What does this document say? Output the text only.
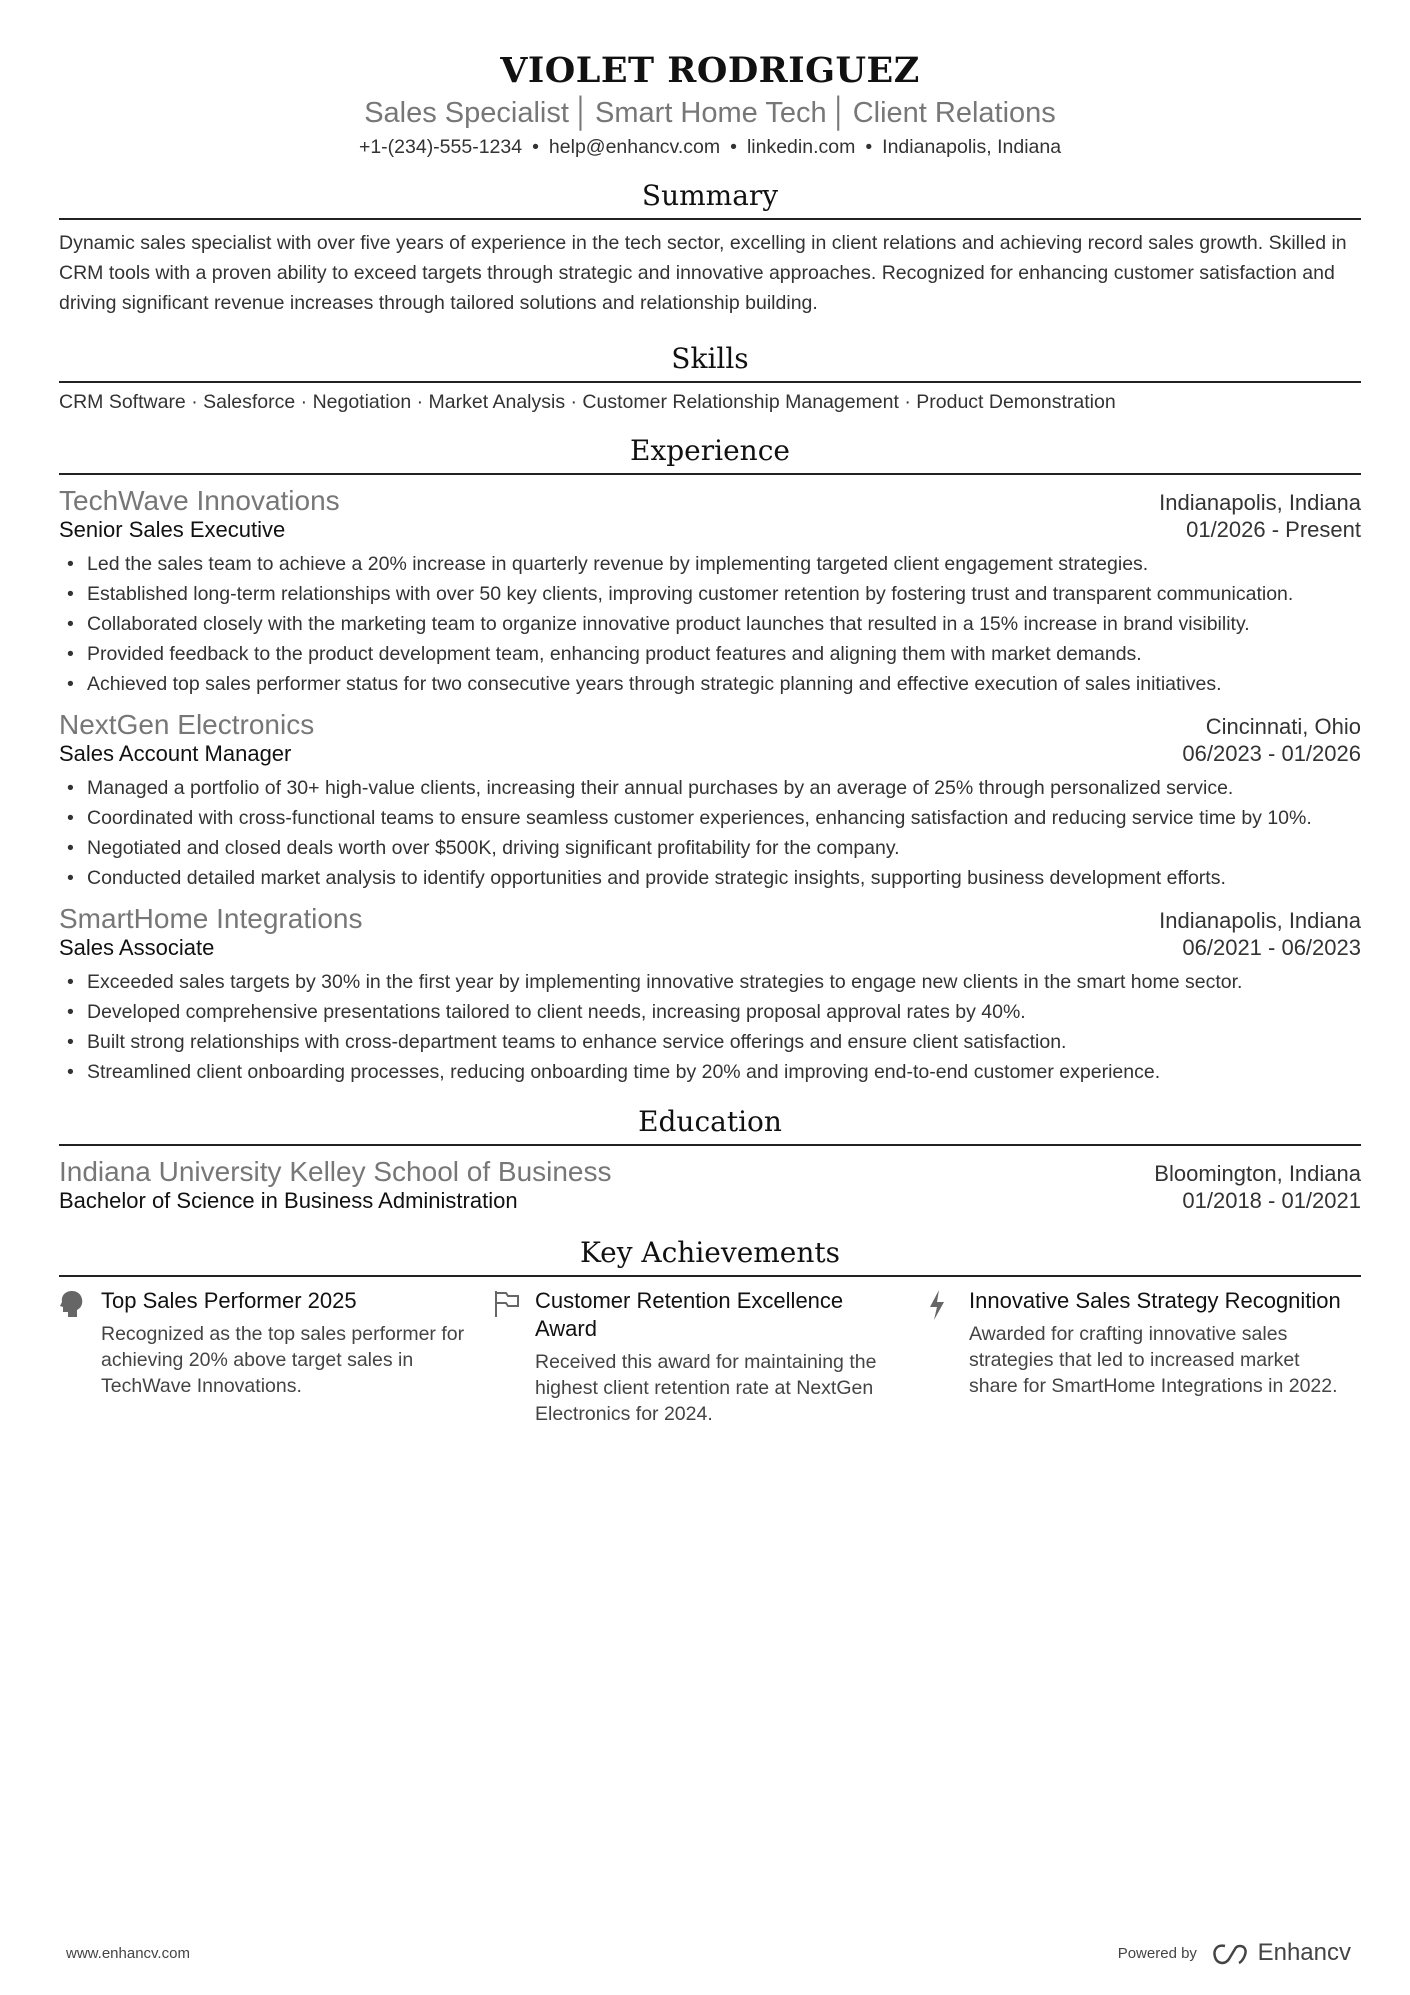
VIOLET RODRIGUEZ
Sales Specialist │ Smart Home Tech │ Client Relations
+1-(234)-555-1234 • help@enhancv.com • linkedin.com • Indianapolis, Indiana
Summary
Dynamic sales specialist with over five years of experience in the tech sector, excelling in client relations and achieving record sales growth. Skilled in CRM tools with a proven ability to exceed targets through strategic and innovative approaches. Recognized for enhancing customer satisfaction and driving significant revenue increases through tailored solutions and relationship building.
Skills
CRM Software · Salesforce · Negotiation · Market Analysis · Customer Relationship Management · Product Demonstration
Experience
TechWave Innovations	Indianapolis, Indiana
Senior Sales Executive	01/2026 - Present
• Led the sales team to achieve a 20% increase in quarterly revenue by implementing targeted client engagement strategies.
• Established long-term relationships with over 50 key clients, improving customer retention by fostering trust and transparent communication.
• Collaborated closely with the marketing team to organize innovative product launches that resulted in a 15% increase in brand visibility.
• Provided feedback to the product development team, enhancing product features and aligning them with market demands.
• Achieved top sales performer status for two consecutive years through strategic planning and effective execution of sales initiatives.
NextGen Electronics	Cincinnati, Ohio
Sales Account Manager	06/2023 - 01/2026
• Managed a portfolio of 30+ high-value clients, increasing their annual purchases by an average of 25% through personalized service.
• Coordinated with cross-functional teams to ensure seamless customer experiences, enhancing satisfaction and reducing service time by 10%.
• Negotiated and closed deals worth over $500K, driving significant profitability for the company.
• Conducted detailed market analysis to identify opportunities and provide strategic insights, supporting business development efforts.
SmartHome Integrations	Indianapolis, Indiana
Sales Associate	06/2021 - 06/2023
• Exceeded sales targets by 30% in the first year by implementing innovative strategies to engage new clients in the smart home sector.
• Developed comprehensive presentations tailored to client needs, increasing proposal approval rates by 40%.
• Built strong relationships with cross-department teams to enhance service offerings and ensure client satisfaction.
• Streamlined client onboarding processes, reducing onboarding time by 20% and improving end-to-end customer experience.
Education
Indiana University Kelley School of Business	Bloomington, Indiana
Bachelor of Science in Business Administration	01/2018 - 01/2021
Key Achievements
Top Sales Performer 2025
Recognized as the top sales performer for achieving 20% above target sales in TechWave Innovations.
Customer Retention Excellence Award
Received this award for maintaining the highest client retention rate at NextGen Electronics for 2024.
Innovative Sales Strategy Recognition
Awarded for crafting innovative sales strategies that led to increased market share for SmartHome Integrations in 2022.
www.enhancv.com	Powered by	Enhancv
